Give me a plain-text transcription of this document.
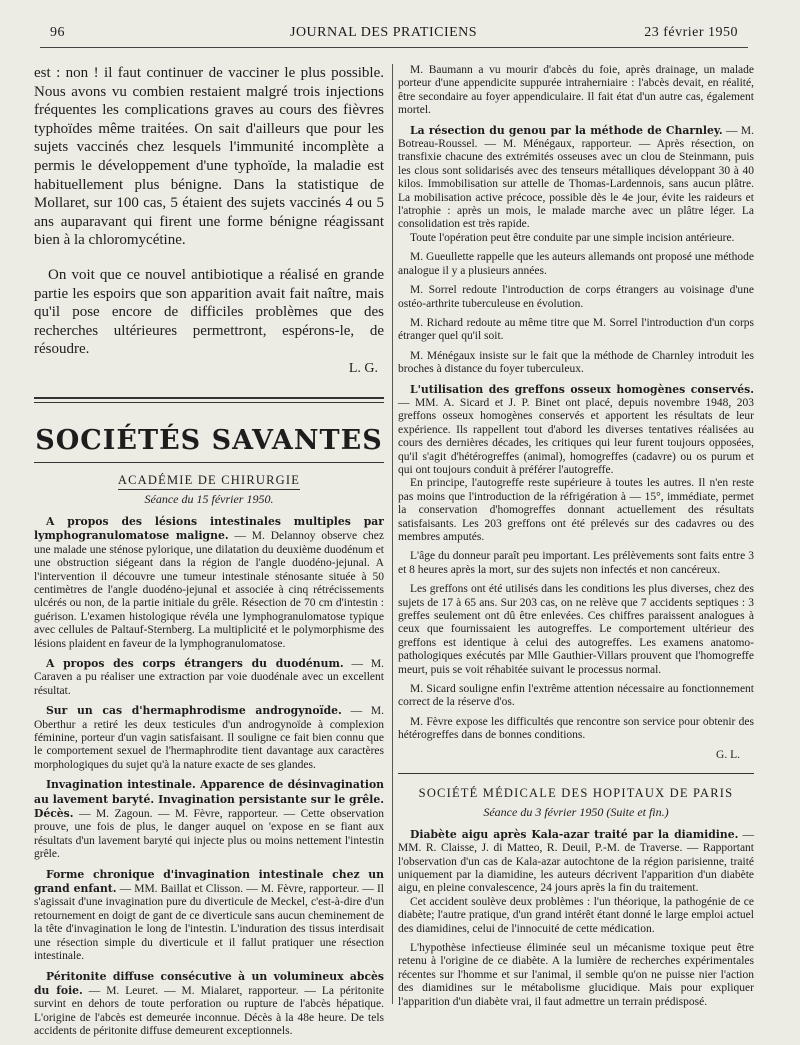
96	JOURNAL DES PRATICIENS	23 février 1950

est : non ! il faut continuer de vacciner le plus possible. Nous avons vu combien restaient malgré trois injections fréquentes les complications graves au cours des fièvres typhoïdes même traitées. On sait d'ailleurs que pour les sujets vaccinés chez lesquels l'immunité incomplète a permis le développement d'une typhoïde, la maladie est habituellement plus bénigne. Dans la statistique de Mollaret, sur 100 cas, 5 étaient des sujets vaccinés 4 ou 5 ans auparavant qui firent une forme bénigne réagissant bien à la chloromycétine.

On voit que ce nouvel antibiotique a réalisé en grande partie les espoirs que son apparition avait fait naître, mais qu'il pose encore de difficiles problèmes que des recherches ultérieures permettront, espérons-le, de résoudre.

L. G.

SOCIÉTÉS SAVANTES
ACADÉMIE DE CHIRURGIE
Séance du 15 février 1950.

A propos des lésions intestinales multiples par lymphogranulomatose maligne. — M. Delannoy observe chez une malade une sténose pylorique, une dilatation du deuxième duodénum et une obstruction siégeant dans la région de l'angle duodéno-jejunal. A l'intervention il découvre une tumeur intestinale sténosante située à 50 centimètres de l'angle duodéno-jejunal et associée à cinq rétrécissements ulcérés ou non, de la partie initiale du grêle. Résection de 70 cm d'intestin : guérison. L'examen histologique révéla une lymphogranulomatose typique avec cellules de Paltauf-Sternberg. La multiplicité et le polymorphisme des lésions plaident en faveur de la lymphogranulomatose.

A propos des corps étrangers du duodénum. — M. Caraven a pu réaliser une extraction par voie duodénale avec un excellent résultat.

Sur un cas d'hermaphrodisme androgynoïde. — M. Oberthur a retiré les deux testicules d'un androgynoïde à complexion féminine, porteur d'un vagin satisfaisant. Il souligne ce fait bien connu que le comportement sexuel de l'hermaphrodite tient davantage aux caractères morphologiques du sujet qu'à la nature exacte de ses glandes.

Invagination intestinale. Apparence de désinvagination au lavement baryté. Invagination persistante sur le grêle. Décès. — M. Zagoun. — M. Fèvre, rapporteur. — Cette observation prouve, une fois de plus, le danger auquel on 'expose en se fiant aux résultats d'un lavement baryté qui injecte plus ou moins nettement l'intestin grêle.

Forme chronique d'invagination intestinale chez un grand enfant. — MM. Baillat et Clisson. — M. Fèvre, rapporteur. — Il s'agissait d'une invagination pure du diverticule de Meckel, c'est-à-dire d'un retournement en doigt de gant de ce diverticule sans aucun cheminement de la tête d'invagination le long de l'intestin. L'induration des tissus interdisait une résection simple du diverticule et il fallut pratiquer une résection intestinale.

Péritonite diffuse consécutive à un volumineux abcès du foie. — M. Leuret. — M. Mialaret, rapporteur. — La péritonite survint en dehors de toute perforation ou rupture de l'abcès hépatique. L'origine de l'abcès est demeurée inconnue. Décès à la 48e heure. De tels accidents de péritonite diffuse demeurent exceptionnels.

M. Baumann a vu mourir d'abcès du foie, après drainage, un malade porteur d'une appendicite suppurée intraherniaire : l'abcès devait, en réalité, être secondaire au foyer appendiculaire. Il fait état d'un autre cas, également mortel.

La résection du genou par la méthode de Charnley. — M. Botreau-Roussel. — M. Ménégaux, rapporteur. — Après résection, on transfixie chacune des extrémités osseuses avec un clou de Steinmann, puis les clous sont solidarisés avec des tenseurs métalliques développant 30 à 40 kilos. Immobilisation sur attelle de Thomas-Lardennois, sans aucun plâtre. La mobilisation active précoce, possible dès le 4e jour, évite les raideurs et l'atrophie : après un mois, le malade marche avec un plâtre léger. La consolidation est très rapide.

Toute l'opération peut être conduite par une simple incision antérieure.

M. Gueullette rappelle que les auteurs allemands ont proposé une méthode analogue il y a plusieurs années.

M. Sorrel redoute l'introduction de corps étrangers au voisinage d'une ostéo-arthrite tuberculeuse en évolution.

M. Richard redoute au même titre que M. Sorrel l'introduction d'un corps étranger quel qu'il soit.

M. Ménégaux insiste sur le fait que la méthode de Charnley introduit les broches à distance du foyer tuberculeux.

L'utilisation des greffons osseux homogènes conservés. — MM. A. Sicard et J. P. Binet ont placé, depuis novembre 1948, 203 greffons osseux homogènes conservés et apportent les résultats de leur expérience. Ils rappellent tout d'abord les diverses tentatives réalisées au cours des dernières décades, les critiques qui leur furent toujours opposées, qu'il s'agit d'hétérogreffes (animal), homogreffes (cadavre) ou os purum et qui ont toujours conduit à préférer l'autogreffe.

En principe, l'autogreffe reste supérieure à toutes les autres. Il n'en reste pas moins que l'introduction de la réfrigération à — 15°, immédiate, permet la conservation d'homogreffes donnant actuellement des résultats satisfaisants. Les 203 greffons ont été prélevés sur des cadavres ou des membres amputés.

L'âge du donneur paraît peu important. Les prélèvements sont faits entre 3 et 8 heures après la mort, sur des sujets non infectés et non cancéreux.

Les greffons ont été utilisés dans les conditions les plus diverses, chez des sujets de 17 à 65 ans. Sur 203 cas, on ne relève que 7 accidents septiques : 3 greffes seulement ont dû être enlevées. Ces chiffres paraissent analogues à ceux que fournissaient les autogreffes. Le comportement ultérieur des greffons est identique à celui des autogreffes. Les examens anatomo-pathologiques exécutés par Mlle Gauthier-Villars prouvent que l'homogreffe meurt, puis se voit réhabitée suivant le processus normal.

M. Sicard souligne enfin l'extrême attention nécessaire au fonctionnement correct de la réserve d'os.

M. Fèvre expose les difficultés que rencontre son service pour obtenir des hétérogreffes dans de bonnes conditions.

G. L.

SOCIÉTÉ MÉDICALE DES HOPITAUX DE PARIS
Séance du 3 février 1950 (Suite et fin.)

Diabète aigu après Kala-azar traité par la diamidine. — MM. R. Claisse, J. di Matteo, R. Deuil, P.-M. de Traverse. — Rapportant l'observation d'un cas de Kala-azar autochtone de la région parisienne, traité uniquement par la diamidine, les auteurs décrivent l'apparition d'un diabète aigu, en pleine convalescence, 24 jours après la fin du traitement.

Cet accident soulève deux problèmes : l'un théorique, la pathogénie de ce diabète; l'autre pratique, d'un grand intérêt étant donné le large emploi actuel des diamidines, celui de l'innocuité de cette médication.

L'hypothèse infectieuse éliminée seul un mécanisme toxique peut être retenu à l'origine de ce diabète. A la lumière de recherches expérimentales récentes sur l'homme et sur l'animal, il semble qu'on ne puisse nier l'action des diamidines sur le métabolisme glucidique. Mais pour expliquer l'apparition d'un diabète vrai, il faut admettre un terrain prédisposé.
